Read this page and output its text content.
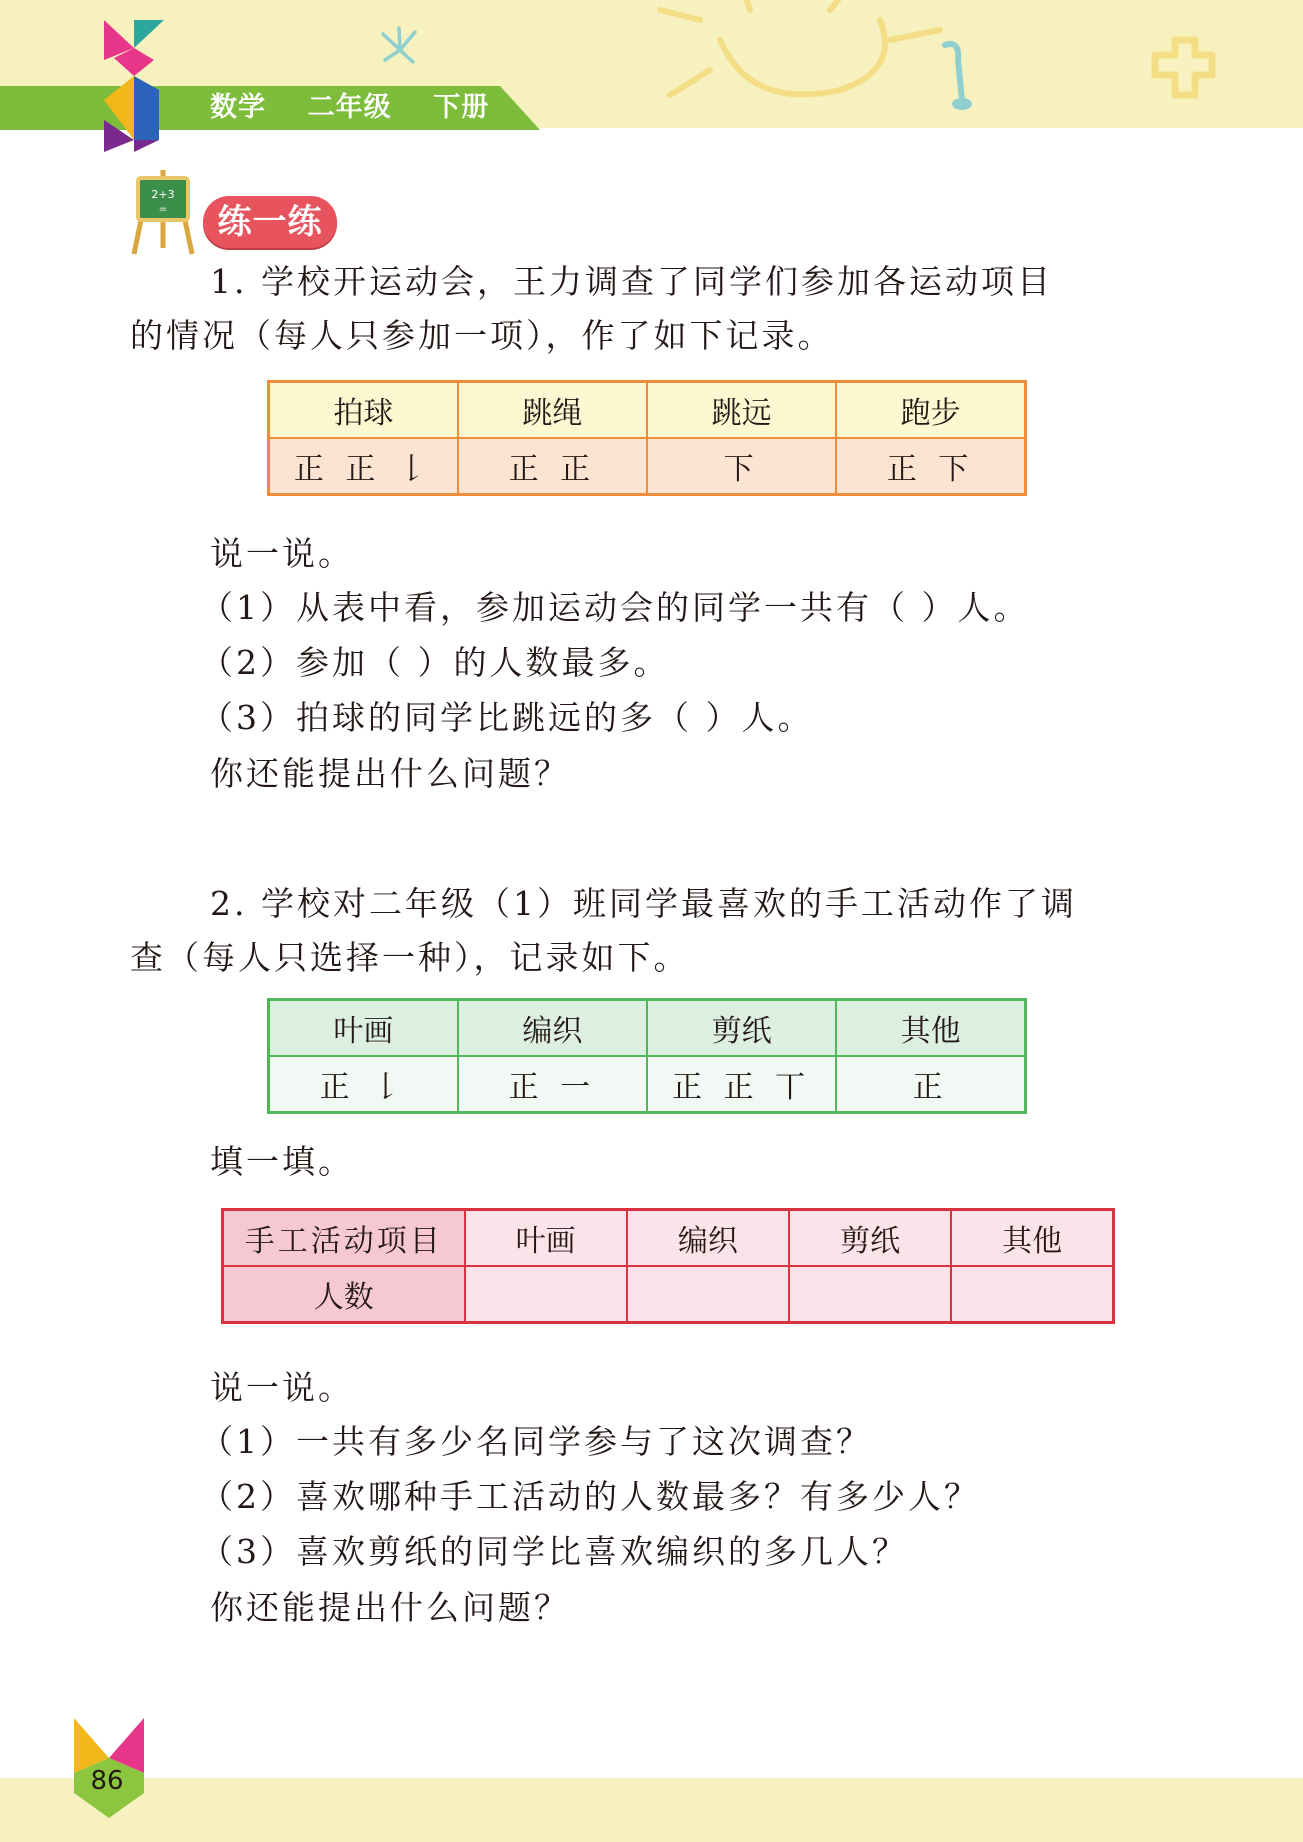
数学    二年级    下册
2+3
=	练一练
1. 学校开运动会，王力调查了同学们参加各运动项目
的情况（每人只参加一项），作了如下记录。
拍球	跳绳	跳远	跑步
正 正 𠄌	正 正	下	正 下
说一说。
（1）从表中看，参加运动会的同学一共有（ ）人。
（2）参加（ ）的人数最多。
（3）拍球的同学比跳远的多（ ）人。
你还能提出什么问题？
2. 学校对二年级（1）班同学最喜欢的手工活动作了调
查（每人只选择一种），记录如下。
叶画	编织	剪纸	其他
正 𠄌	正 一	正 正 丅	正
填一填。
手工活动项目	叶画	编织	剪纸	其他
人数				
说一说。
（1）一共有多少名同学参与了这次调查？
（2）喜欢哪种手工活动的人数最多？有多少人？
（3）喜欢剪纸的同学比喜欢编织的多几人？
你还能提出什么问题？
86
